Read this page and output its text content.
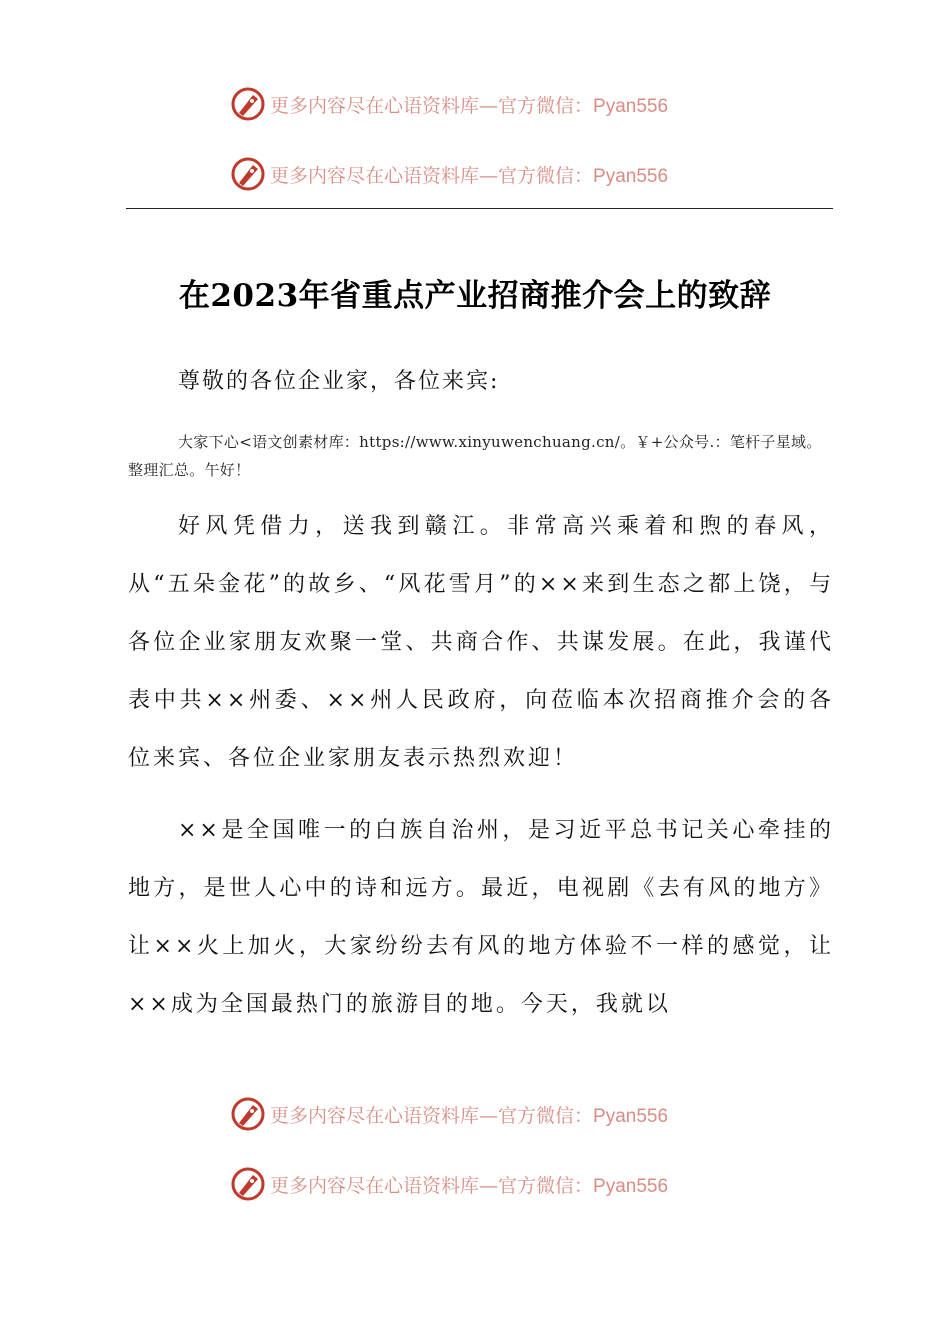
更多内容尽在心语资料库—官方微信：Pyan556
更多内容尽在心语资料库—官方微信：Pyan556
在2023年省重点产业招商推介会上的致辞
尊敬的各位企业家，各位来宾:
大家下心<语文创素材库：https://www.xinyuwenchuang.cn/。￥+公众号.：笔杆子星域。整理汇总。午好！
好风凭借力，送我到赣江。非常高兴乘着和煦的春风，从“五朵金花”的故乡、“风花雪月”的××来到生态之都上饶，与各位企业家朋友欢聚一堂、共商合作、共谋发展。在此，我谨代表中共××州委、××州人民政府，向莅临本次招商推介会的各位来宾、各位企业家朋友表示热烈欢迎！
××是全国唯一的白族自治州，是习近平总书记关心牵挂的地方，是世人心中的诗和远方。最近，电视剧《去有风的地方》让××火上加火，大家纷纷去有风的地方体验不一样的感觉，让××成为全国最热门的旅游目的地。今天，我就以
更多内容尽在心语资料库—官方微信：Pyan556
更多内容尽在心语资料库—官方微信：Pyan556
